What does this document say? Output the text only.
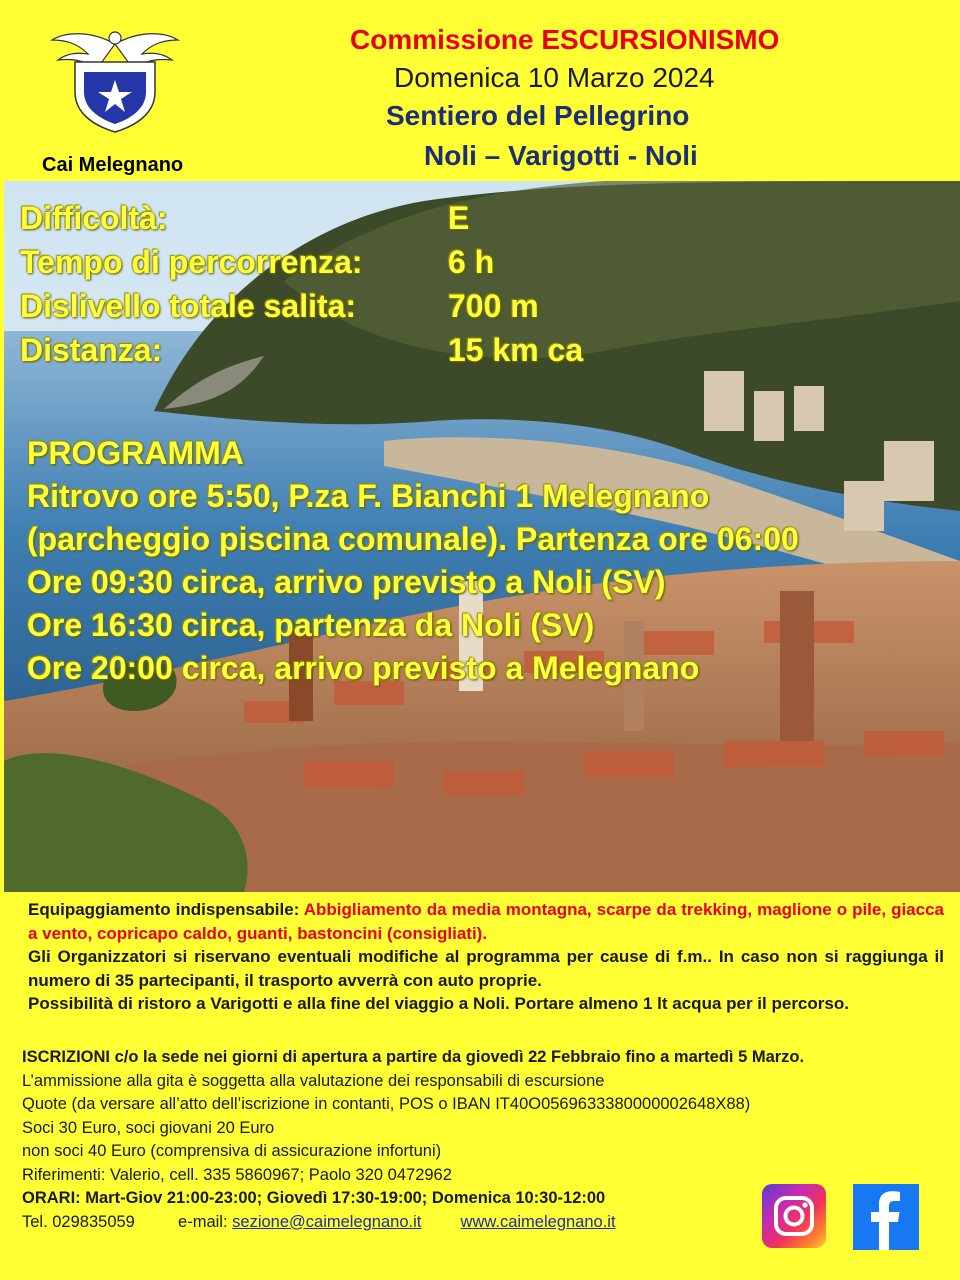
Cai Melegnano
Commissione ESCURSIONISMO
Domenica 10 Marzo 2024
Sentiero del Pellegrino
Noli – Varigotti - Noli
Difficoltà:	E
Tempo di percorrenza:	6 h
Dislivello totale salita:	700 m
Distanza:	15 km ca
PROGRAMMA
Ritrovo ore 5:50, P.za F. Bianchi 1 Melegnano
(parcheggio piscina comunale). Partenza ore 06:00
Ore 09:30 circa, arrivo previsto a Noli (SV)
Ore 16:30 circa, partenza da Noli (SV)
Ore 20:00 circa, arrivo previsto a Melegnano

Equipaggiamento indispensabile: Abbigliamento da media montagna, scarpe da trekking, maglione o pile, giacca a vento, copricapo caldo, guanti, bastoncini (consigliati).

Gli Organizzatori si riservano eventuali modifiche al programma per cause di f.m.. In caso non si raggiunga il numero di 35 partecipanti, il trasporto avverrà con auto proprie.

Possibilità di ristoro a Varigotti e alla fine del viaggio a Noli. Portare almeno 1 lt acqua per il percorso.

ISCRIZIONI c/o la sede nei giorni di apertura a partire da giovedì 22 Febbraio fino a martedì 5 Marzo.

L’ammissione alla gita è soggetta alla valutazione dei responsabili di escursione

Quote (da versare all’atto dell’iscrizione in contanti, POS o IBAN IT40O0569633380000002648X88)

Soci 30 Euro, soci giovani 20 Euro

non soci 40 Euro (comprensiva di assicurazione infortuni)

Riferimenti: Valerio, cell. 335 5860967; Paolo 320 0472962

ORARI: Mart-Giov 21:00-23:00; Giovedì 17:30-19:00; Domenica 10:30-12:00

Tel. 029835059	e-mail: sezione@caimelegnano.it www.caimelegnano.it
